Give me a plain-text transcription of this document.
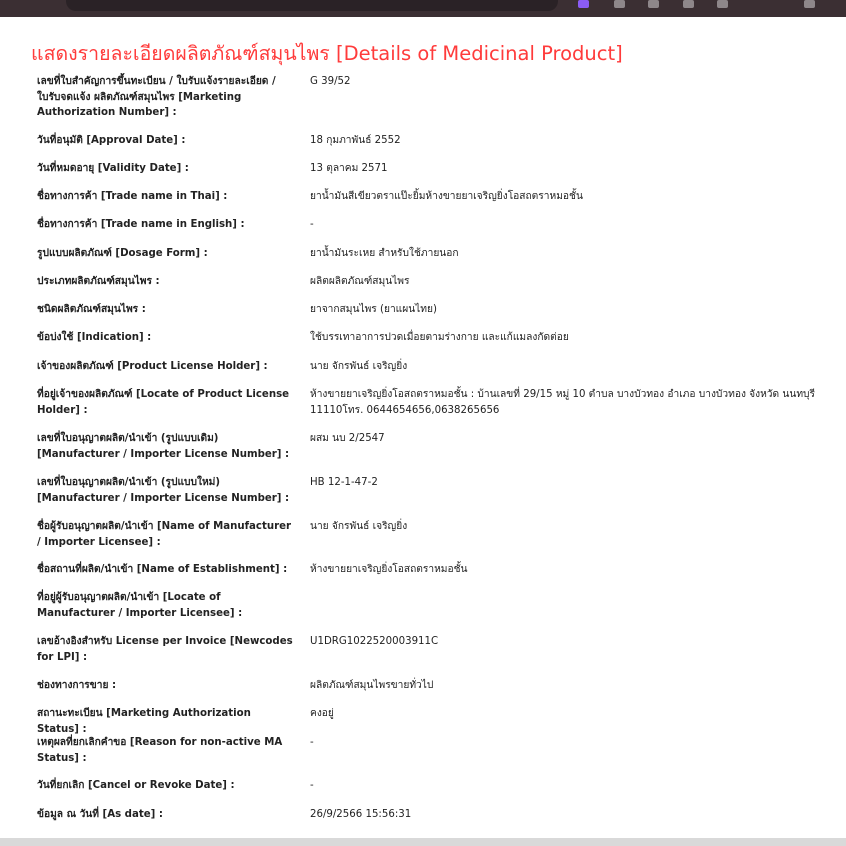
แสดงรายละเอียดผลิตภัณฑ์สมุนไพร [Details of Medicinal Product]
เลขที่ใบสำคัญการขึ้นทะเบียน / ใบรับแจ้งรายละเอียด / ใบรับจดแจ้ง ผลิตภัณฑ์สมุนไพร [Marketing Authorization Number] :
G 39/52
วันที่อนุมัติ [Approval Date] :	18 กุมภาพันธ์ 2552
วันที่หมดอายุ [Validity Date] :	13 ตุลาคม 2571
ชื่อทางการค้า [Trade name in Thai] :	ยาน้ำมันสีเขียวตราแป๊ะยิ้มห้างขายยาเจริญยิ่งโอสถตราหมอชั้น
ชื่อทางการค้า [Trade name in English] :	-
รูปแบบผลิตภัณฑ์ [Dosage Form] :	ยาน้ำมันระเหย สำหรับใช้ภายนอก
ประเภทผลิตภัณฑ์สมุนไพร :	ผลิตผลิตภัณฑ์สมุนไพร
ชนิดผลิตภัณฑ์สมุนไพร :	ยาจากสมุนไพร (ยาแผนไทย)
ข้อบ่งใช้ [Indication] :	ใช้บรรเทาอาการปวดเมื่อยตามร่างกาย และแก้แมลงกัดต่อย
เจ้าของผลิตภัณฑ์ [Product License Holder] :	นาย จักรพันธ์ เจริญยิ่ง
ที่อยู่เจ้าของผลิตภัณฑ์ [Locate of Product License Holder] :
ห้างขายยาเจริญยิ่งโอสถตราหมอชั้น : บ้านเลขที่ 29/15 หมู่ 10 ตำบล บางบัวทอง อำเภอ บางบัวทอง จังหวัด นนทบุรี 11110โทร. 0644654656,0638265656
เลขที่ใบอนุญาตผลิต/นำเข้า (รูปแบบเดิม) [Manufacturer / Importer License Number] :
ผสม นบ 2/2547
เลขที่ใบอนุญาตผลิต/นำเข้า (รูปแบบใหม่) [Manufacturer / Importer License Number] :
HB 12-1-47-2
ชื่อผู้รับอนุญาตผลิต/นำเข้า [Name of Manufacturer / Importer Licensee] :
นาย จักรพันธ์ เจริญยิ่ง
ชื่อสถานที่ผลิต/นำเข้า [Name of Establishment] :	ห้างขายยาเจริญยิ่งโอสถตราหมอชั้น
ที่อยู่ผู้รับอนุญาตผลิต/นำเข้า [Locate of Manufacturer / Importer Licensee] :
เลขอ้างอิงสำหรับ License per Invoice [Newcodes for LPI] :
U1DRG1022520003911C
ช่องทางการขาย :	ผลิตภัณฑ์สมุนไพรขายทั่วไป
สถานะทะเบียน [Marketing Authorization Status] :
คงอยู่
เหตุผลที่ยกเลิกคำขอ [Reason for non-active MA Status] :
-
วันที่ยกเลิก [Cancel or Revoke Date] :	-
ข้อมูล ณ วันที่ [As date] :	26/9/2566 15:56:31
